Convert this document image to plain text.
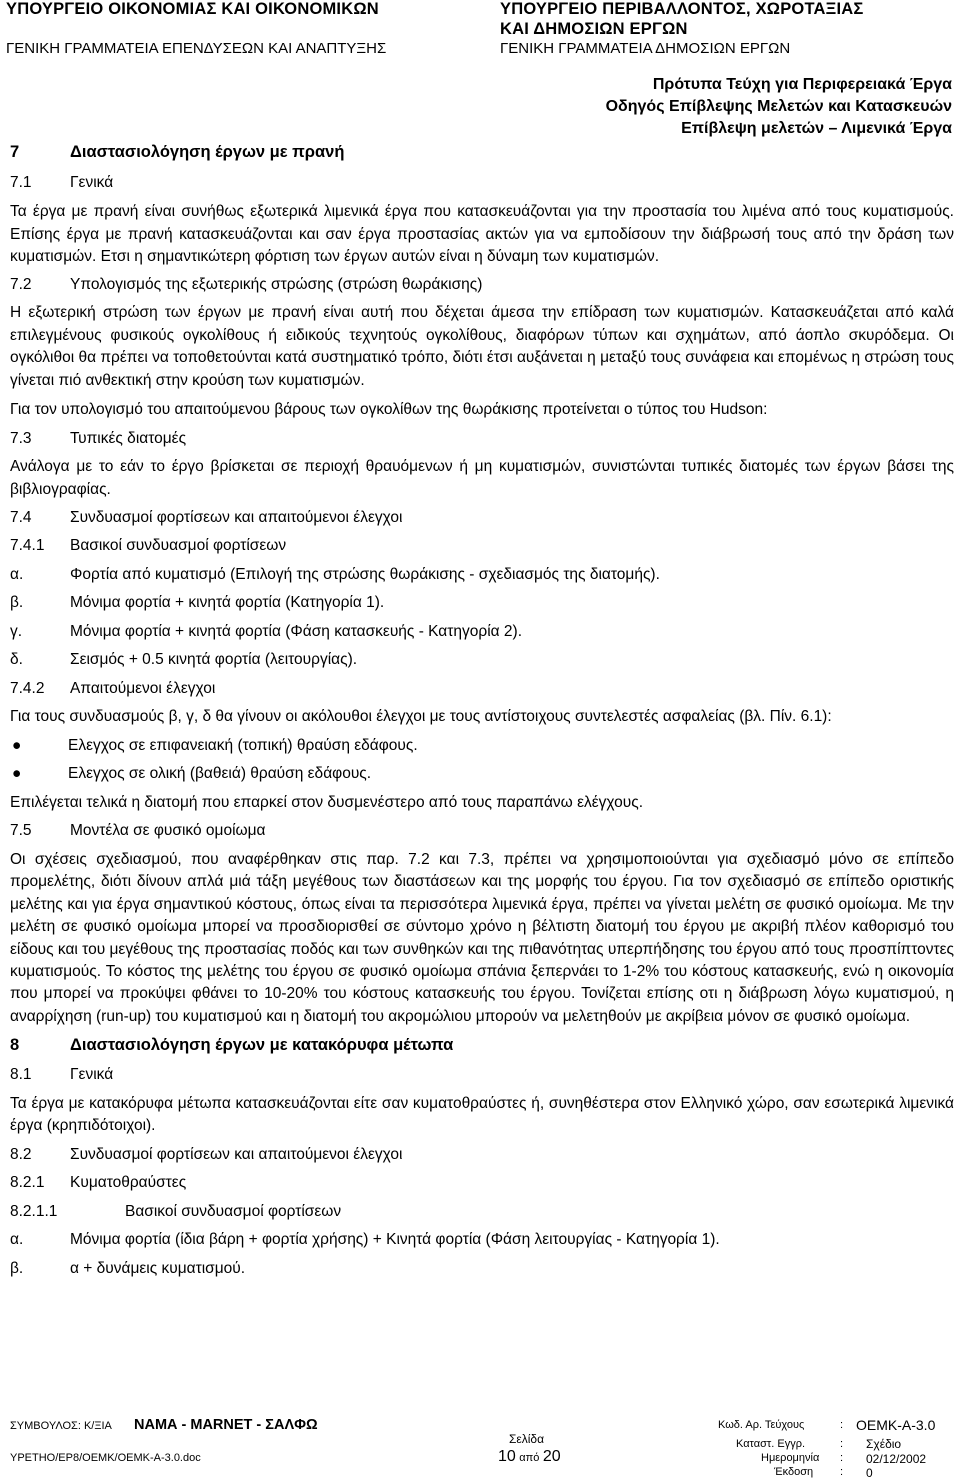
ΥΠΟΥΡΓΕΙΟ ΟΙΚΟΝΟΜΙΑΣ ΚΑΙ ΟΙΚΟΝΟΜΙΚΩΝ
ΓΕΝΙΚΗ ΓΡΑΜΜΑΤΕΙΑ ΕΠΕΝΔΥΣΕΩΝ ΚΑΙ ΑΝΑΠΤΥΞΗΣ
ΥΠΟΥΡΓΕΙΟ ΠΕΡΙΒΑΛΛΟΝΤΟΣ, ΧΩΡΟΤΑΞΙΑΣ
ΚΑΙ ΔΗΜΟΣΙΩΝ ΕΡΓΩΝ
ΓΕΝΙΚΗ ΓΡΑΜΜΑΤΕΙΑ ΔΗΜΟΣΙΩΝ ΕΡΓΩΝ
Πρότυπα Τεύχη για Περιφερειακά Έργα
Οδηγός Επίβλεψης Μελετών και Κατασκευών
Επίβλεψη μελετών – Λιμενικά Έργα

7	Διαστασιολόγηση έργων με πρανή

7.1 Γενικά

Τα έργα με πρανή είναι συνήθως εξωτερικά λιμενικά έργα που κατασκευάζονται για την προστασία του λιμένα από τους κυματισμούς. Επίσης έργα με πρανή κατασκευάζονται και σαν έργα προστασίας ακτών για να εμποδίσουν την διάβρωσή τους από την δράση των κυματισμών. Ετσι η σημαντικώτερη φόρτιση των έργων αυτών είναι η δύναμη των κυματισμών.

7.2 Υπολογισμός της εξωτερικής στρώσης (στρώση θωράκισης)

Η εξωτερική στρώση των έργων με πρανή είναι αυτή που δέχεται άμεσα την επίδραση των κυματισμών. Κατασκευάζεται από καλά επιλεγμένους φυσικούς ογκολίθους ή ειδικούς τεχνητούς ογκολίθους, διαφόρων τύπων και σχημάτων, από άοπλο σκυρόδεμα. Οι ογκόλιθοι θα πρέπει να τοποθετούνται κατά συστηματικό τρόπο, διότι έτσι αυξάνεται η μεταξύ τους συνάφεια και επομένως η στρώση τους γίνεται πιό ανθεκτική στην κρούση των κυματισμών.

Για τον υπολογισμό του απαιτούμενου βάρους των ογκολίθων της θωράκισης προτείνεται ο τύπος του Hudson:

7.3 Τυπικές διατομές

Ανάλογα με το εάν το έργο βρίσκεται σε περιοχή θραυόμενων ή μη κυματισμών, συνιστώνται τυπικές διατομές των έργων βάσει της βιβλιογραφίας.

7.4 Συνδυασμοί φορτίσεων και απαιτούμενοι έλεγχοι

7.4.1 Βασικοί συνδυασμοί φορτίσεων

α.	Φορτία από κυματισμό (Επιλογή της στρώσης θωράκισης - σχεδιασμός της διατομής).

β.	Μόνιμα φορτία + κινητά φορτία (Κατηγορία 1).

γ.	Μόνιμα φορτία + κινητά φορτία (Φάση κατασκευής - Κατηγορία 2).

δ.	Σεισμός + 0.5 κινητά φορτία (λειτουργίας).

7.4.2 Απαιτούμενοι έλεγχοι

Για τους συνδυασμούς β, γ, δ θα γίνουν οι ακόλουθοι έλεγχοι με τους αντίστοιχους συντελεστές ασφαλείας (βλ. Πίν. 6.1):

●	Ελεγχος σε επιφανειακή (τοπική) θραύση εδάφους.

●	Ελεγχος σε ολική (βαθειά) θραύση εδάφους.

Επιλέγεται τελικά η διατομή που επαρκεί στον δυσμενέστερο από τους παραπάνω ελέγχους.

7.5 Μοντέλα σε φυσικό ομοίωμα

Οι σχέσεις σχεδιασμού, που αναφέρθηκαν στις παρ. 7.2 και 7.3, πρέπει να χρησιμοποιούνται για σχεδιασμό μόνο σε επίπεδο προμελέτης, διότι δίνουν απλά μιά τάξη μεγέθους των διαστάσεων και της μορφής του έργου. Για τον σχεδιασμό σε επίπεδο οριστικής μελέτης και για έργα σημαντικού κόστους, όπως είναι τα περισσότερα λιμενικά έργα, πρέπει να γίνεται μελέτη σε φυσικό ομοίωμα. Με την μελέτη σε φυσικό ομοίωμα μπορεί να προσδιορισθεί σε σύντομο χρόνο η βέλτιστη διατομή του έργου με ακριβή πλέον καθορισμό του είδους και του μεγέθους της προστασίας ποδός και των συνθηκών και της πιθανότητας υπερπήδησης του έργου από τους προσπίπτοντες κυματισμούς. Το κόστος της μελέτης του έργου σε φυσικό ομοίωμα σπάνια ξεπερνάει το 1-2% του κόστους κατασκευής, ενώ η οικονομία που μπορεί να προκύψει φθάνει το 10-20% του κόστους κατασκευής του έργου. Τονίζεται επίσης οτι η διάβρωση λόγω κυματισμού, η αναρρίχηση (run-up) του κυματισμού και η διατομή του ακρομώλιου μπορούν να μελετηθούν με ακρίβεια μόνον σε φυσικό ομοίωμα.

8	Διαστασιολόγηση έργων με κατακόρυφα μέτωπα

8.1 Γενικά

Τα έργα με κατακόρυφα μέτωπα κατασκευάζονται είτε σαν κυματοθραύστες ή, συνηθέστερα στον Ελληνικό χώρο, σαν εσωτερικά λιμενικά έργα (κρηπιδότοιχοι).

8.2 Συνδυασμοί φορτίσεων και απαιτούμενοι έλεγχοι

8.2.1 Κυματοθραύστες

8.2.1.1	Βασικοί συνδυασμοί φορτίσεων

α.	Μόνιμα φορτία (ίδια βάρη + φορτία χρήσης) + Κινητά φορτία (Φάση λειτουργίας - Κατηγορία 1).

β.	α + δυνάμεις κυματισμού.

ΣΥΜΒΟΥΛΟΣ: Κ/ΞΙΑ ΝΑΜΑ - MARNET - ΣΑΛΦΩ
ΥΡΕΤΗΟ/ΕΡ8/ΟΕΜΚ/ΟΕΜΚ-Α-3.0.doc
Σελίδα
10 από 20
Κωδ. Αρ. Τεύχους	: ΟΕΜΚ-Α-3.0
Καταστ. Εγγρ.	: Σχέδιο
Ημερομηνία : 02/12/2002
Έκδοση : 0
